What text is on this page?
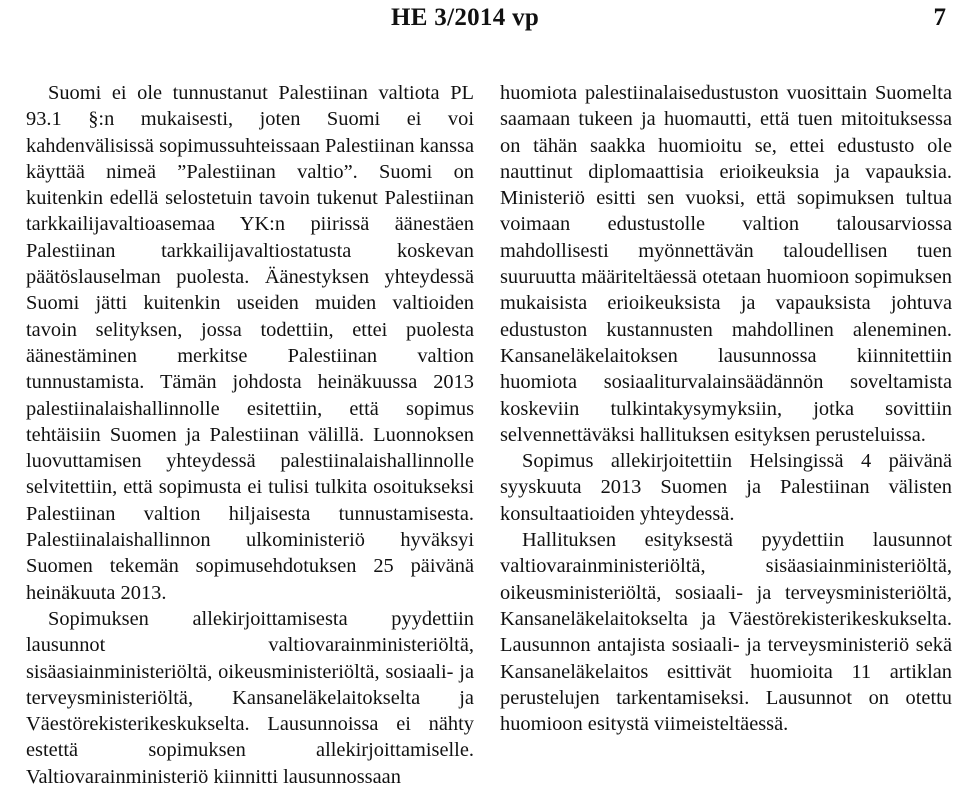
HE 3/2014 vp	7

Suomi ei ole tunnustanut Palestiinan valtiota PL 93.1 §:n mukaisesti, joten Suomi ei voi kahdenvälisissä sopimussuhteissaan Palestiinan kanssa käyttää nimeä ”Palestiinan valtio”. Suomi on kuitenkin edellä selostetuin tavoin tukenut Palestiinan tarkkailijavaltioasemaa YK:n piirissä äänestäen Palestiinan tarkkailijavaltiostatusta koskevan päätöslauselman puolesta. Äänestyksen yhteydessä Suomi jätti kuitenkin useiden muiden valtioiden tavoin selityksen, jossa todettiin, ettei puolesta äänestäminen merkitse Palestiinan valtion tunnustamista. Tämän johdosta heinäkuussa 2013 palestiinalaishallinnolle esitettiin, että sopimus tehtäisiin Suomen ja Palestiinan välillä. Luonnoksen luovuttamisen yhteydessä palestiinalaishallinnolle selvitettiin, että sopimusta ei tulisi tulkita osoitukseksi Palestiinan valtion hiljaisesta tunnustamisesta. Palestiinalaishallinnon ulkoministeriö hyväksyi Suomen tekemän sopimusehdotuksen 25 päivänä heinäkuuta 2013.

Sopimuksen allekirjoittamisesta pyydettiin lausunnot valtiovarainministeriöltä, sisäasiainministeriöltä, oikeusministeriöltä, sosiaali- ja terveysministeriöltä, Kansaneläkelaitokselta ja Väestörekisterikeskukselta. Lausunnoissa ei nähty estettä sopimuksen allekirjoittamiselle. Valtiovarainministeriö kiinnitti lausunnossaan

huomiota palestiinalaisedustuston vuosittain Suomelta saamaan tukeen ja huomautti, että tuen mitoituksessa on tähän saakka huomioitu se, ettei edustusto ole nauttinut diplomaattisia erioikeuksia ja vapauksia. Ministeriö esitti sen vuoksi, että sopimuksen tultua voimaan edustustolle valtion talousarviossa mahdollisesti myönnettävän taloudellisen tuen suuruutta määriteltäessä otetaan huomioon sopimuksen mukaisista erioikeuksista ja vapauksista johtuva edustuston kustannusten mahdollinen aleneminen. Kansaneläkelaitoksen lausunnossa kiinnitettiin huomiota sosiaaliturvalainsäädännön soveltamista koskeviin tulkintakysymyksiin, jotka sovittiin selvennettäväksi hallituksen esityksen perusteluissa.

Sopimus allekirjoitettiin Helsingissä 4 päivänä syyskuuta 2013 Suomen ja Palestiinan välisten konsultaatioiden yhteydessä.

Hallituksen esityksestä pyydettiin lausunnot valtiovarainministeriöltä, sisäasiainministeriöltä, oikeusministeriöltä, sosiaali- ja terveysministeriöltä, Kansaneläkelaitokselta ja Väestörekisterikeskukselta. Lausunnon antajista sosiaali- ja terveysministeriö sekä Kansaneläkelaitos esittivät huomioita 11 artiklan perustelujen tarkentamiseksi. Lausunnot on otettu huomioon esitystä viimeisteltäessä.
